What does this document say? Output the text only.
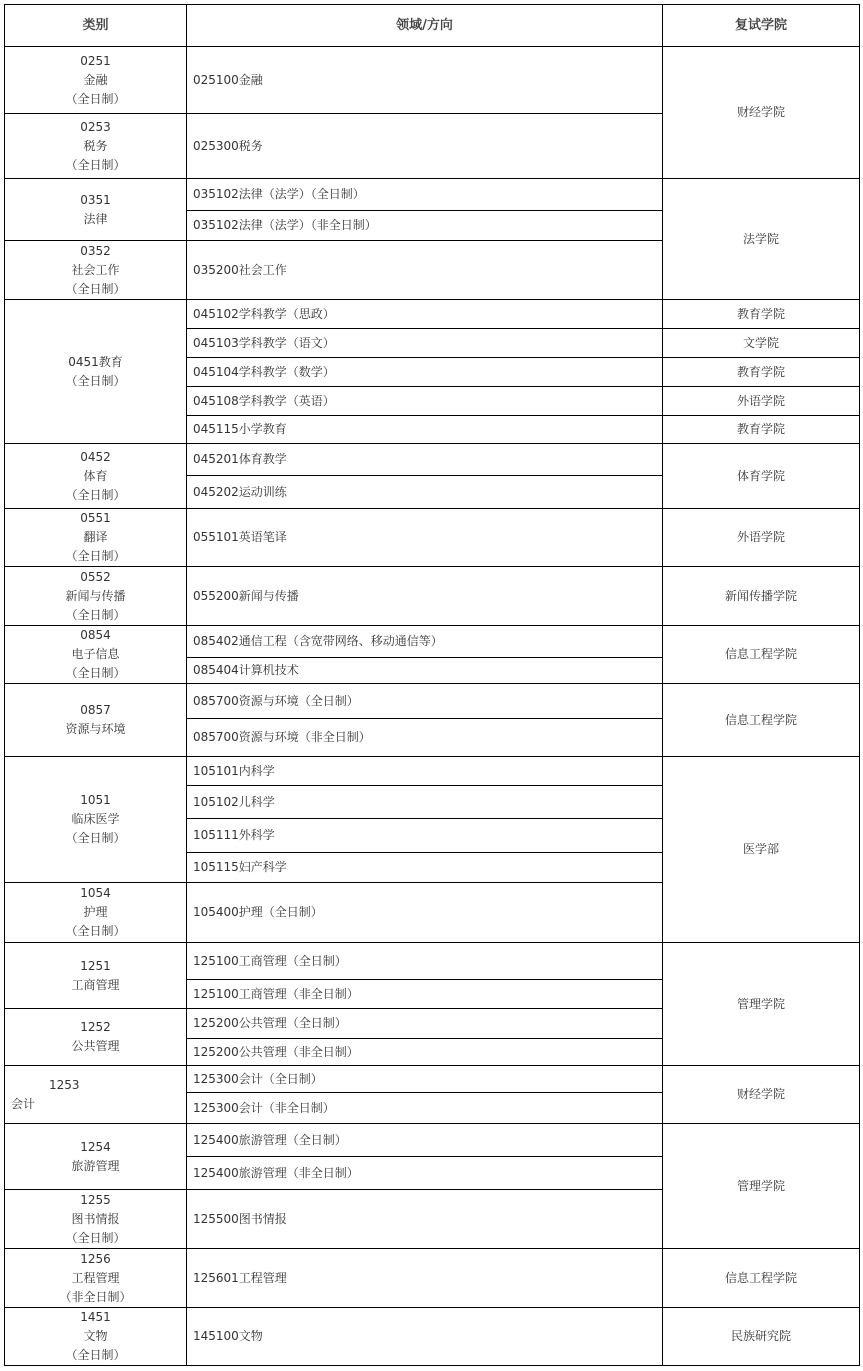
类别	领域/方向	复试学院

0251
金融
（全日制）	025100金融	财经学院

0253
税务
（全日制）	025300税务	

0351
法律	035102法律（法学）（全日制）	法学院
	035102法律（法学）（非全日制）	

0352
社会工作
（全日制）	035200社会工作	

0451教育
（全日制）	045102学科教学（思政）	教育学院
	045103学科教学（语文）	文学院
	045104学科教学（数学）	教育学院
	045108学科教学（英语）	外语学院
	045115小学教育	教育学院

0452
体育
（全日制）	045201体育教学	体育学院
	045202运动训练	

0551
翻译
（全日制）	055101英语笔译	外语学院

0552
新闻与传播
（全日制）	055200新闻与传播	新闻传播学院

0854
电子信息
（全日制）	085402通信工程（含宽带网络、移动通信等）	信息工程学院
	085404计算机技术	

0857
资源与环境	085700资源与环境（全日制）	信息工程学院
	085700资源与环境（非全日制）	

1051
临床医学
（全日制）	105101内科学	医学部
	105102儿科学	
	105111外科学	
	105115妇产科学	

1054
护理
（全日制）	105400护理（全日制）	

1251
工商管理	125100工商管理（全日制）	管理学院
	125100工商管理（非全日制）	

1252
公共管理	125200公共管理（全日制）	
	125200公共管理（非全日制）	

1253
会计	125300会计（全日制）	财经学院
	125300会计（非全日制）	

1254
旅游管理	125400旅游管理（全日制）	管理学院
	125400旅游管理（非全日制）	

1255
图书情报
（全日制）	125500图书情报	

1256
工程管理
（非全日制）	125601工程管理	信息工程学院

1451
文物
（全日制）	145100文物	民族研究院
